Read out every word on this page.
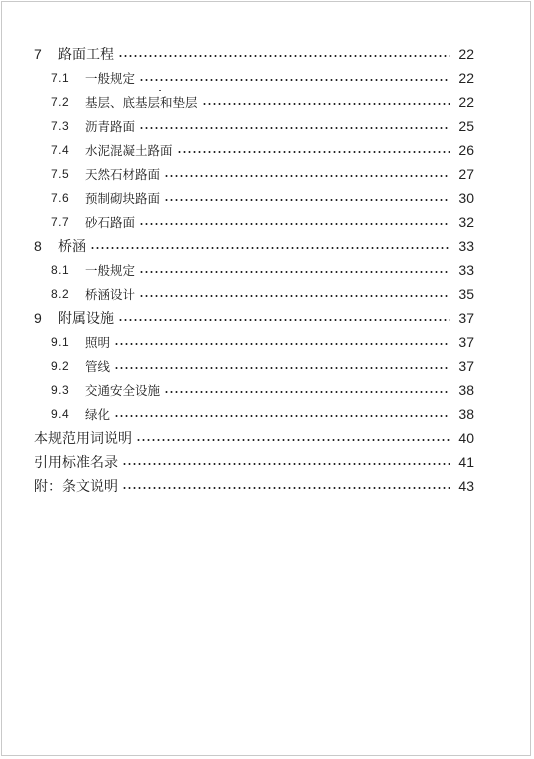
7	路面工程	22
7.1	一般规定	22
7.2	基层、底基层和垫层	22
7.3	沥青路面	25
7.4	水泥混凝土路面	26
7.5	天然石材路面	27
7.6	预制砌块路面	30
7.7	砂石路面	32
8	桥涵	33
8.1	一般规定	33
8.2	桥涵设计	35
9	附属设施	37
9.1	照明	37
9.2	管线	37
9.3	交通安全设施	38
9.4	绿化	38
本规范用词说明	40
引用标准名录	41
附：条文说明	43
